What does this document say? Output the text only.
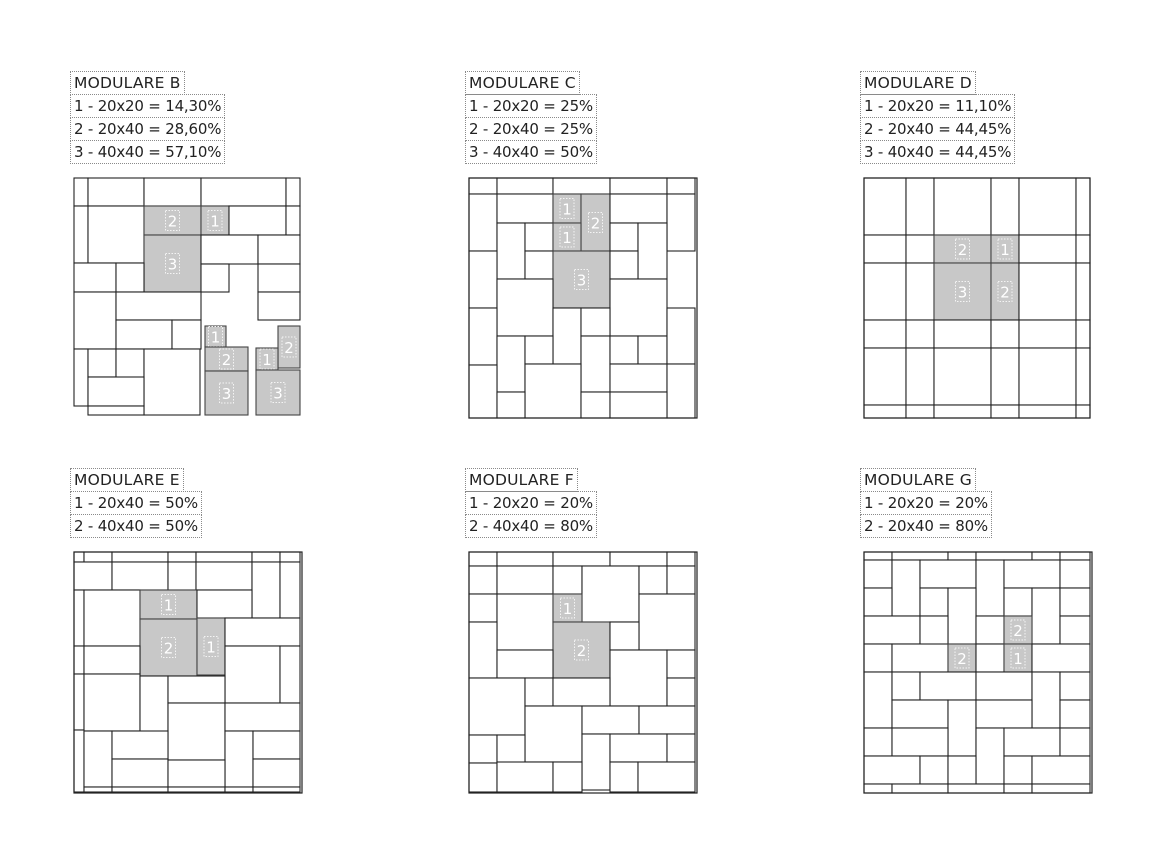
MODULARE B
1 - 20x20 = 14,30%
2 - 20x40 = 28,60%
3 - 40x40 = 57,10%
2 1
3
1
2
3
2
1
3
MODULARE C
1 - 20x20 = 25%
2 - 20x40 = 25%
3 - 40x40 = 50%
1
2
1
3
MODULARE D
1 - 20x20 = 11,10%
2 - 20x40 = 44,45%
3 - 40x40 = 44,45%
2 1
3 2
MODULARE E
1 - 20x40 = 50%
2 - 40x40 = 50%
1
2 1
MODULARE F
1 - 20x20 = 20%
2 - 40x40 = 80%
1
2
MODULARE G
1 - 20x20 = 20%
2 - 20x40 = 80%
2
2	1
